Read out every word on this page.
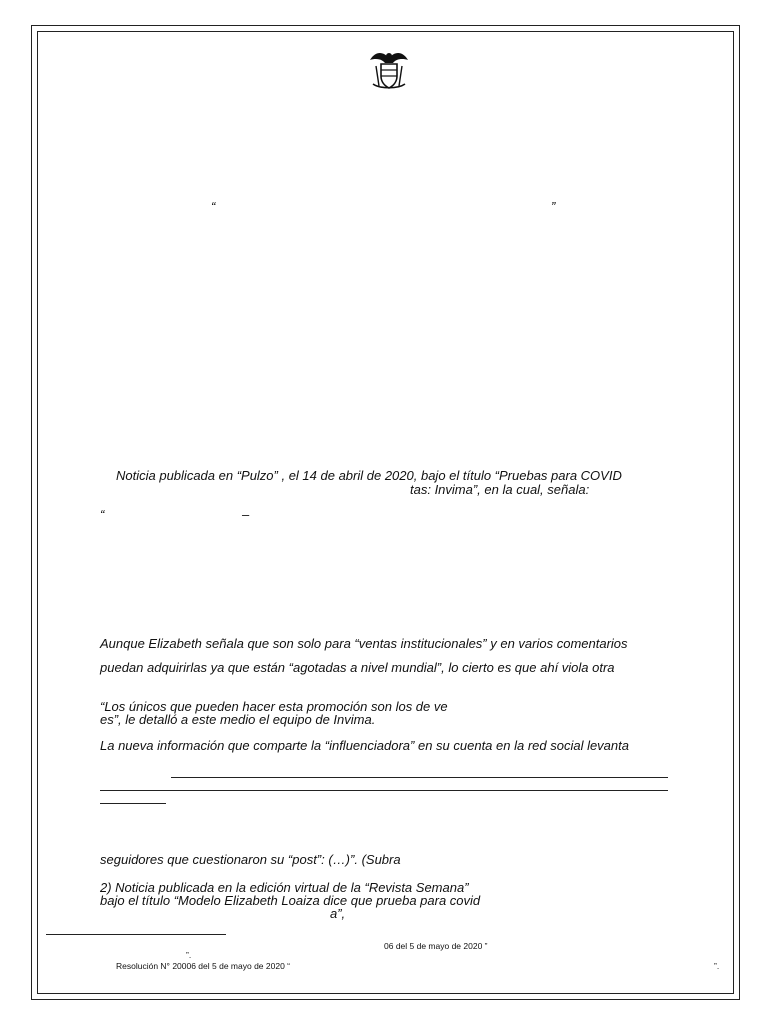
“	”
Noticia publicada en “Pulzo” , el 14 de abril de 2020, bajo el título “Pruebas para COVID
tas: Invima”, en la cual, señala:
“	–
Aunque Elizabeth señala que son solo para “ventas institucionales” y en varios comentarios
puedan adquirirlas ya que están “agotadas a nivel mundial”, lo cierto es que ahí viola otra
“Los únicos que pueden hacer esta promoción son los de ve
es”, le detalló a este medio el equipo de Invima.
La nueva información que comparte la “influenciadora” en su cuenta en la red social levanta
seguidores que cuestionaron su “post”: (…)”. (Subra
2) Noticia publicada en la edición virtual de la “Revista Semana”
bajo el título “Modelo Elizabeth Loaiza dice que prueba para covid
a”,
06 del 5 de mayo de 2020 ”
”.
Resolución N° 20006 del 5 de mayo de 2020 “	”.
